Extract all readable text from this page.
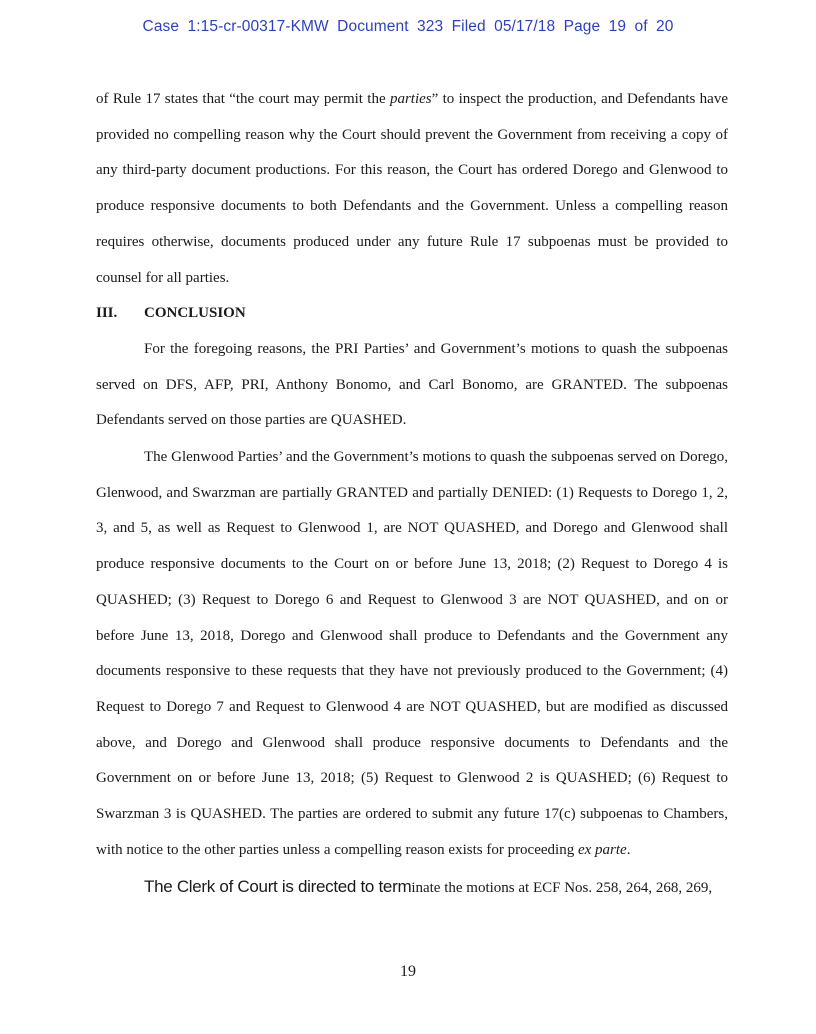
Case 1:15-cr-00317-KMW Document 323 Filed 05/17/18 Page 19 of 20

of Rule 17 states that “the court may permit the parties” to inspect the production, and Defendants have provided no compelling reason why the Court should prevent the Government from receiving a copy of any third-party document productions. For this reason, the Court has ordered Dorego and Glenwood to produce responsive documents to both Defendants and the Government. Unless a compelling reason requires otherwise, documents produced under any future Rule 17 subpoenas must be provided to counsel for all parties.

III. CONCLUSION

For the foregoing reasons, the PRI Parties’ and Government’s motions to quash the subpoenas served on DFS, AFP, PRI, Anthony Bonomo, and Carl Bonomo, are GRANTED. The subpoenas Defendants served on those parties are QUASHED.

The Glenwood Parties’ and the Government’s motions to quash the subpoenas served on Dorego, Glenwood, and Swarzman are partially GRANTED and partially DENIED: (1) Requests to Dorego 1, 2, 3, and 5, as well as Request to Glenwood 1, are NOT QUASHED, and Dorego and Glenwood shall produce responsive documents to the Court on or before June 13, 2018; (2) Request to Dorego 4 is QUASHED; (3) Request to Dorego 6 and Request to Glenwood 3 are NOT QUASHED, and on or before June 13, 2018, Dorego and Glenwood shall produce to Defendants and the Government any documents responsive to these requests that they have not previously produced to the Government; (4) Request to Dorego 7 and Request to Glenwood 4 are NOT QUASHED, but are modified as discussed above, and Dorego and Glenwood shall produce responsive documents to Defendants and the Government on or before June 13, 2018; (5) Request to Glenwood 2 is QUASHED; (6) Request to Swarzman 3 is QUASHED. The parties are ordered to submit any future 17(c) subpoenas to Chambers, with notice to the other parties unless a compelling reason exists for proceeding ex parte.

The Clerk of Court is directed to terminate the motions at ECF Nos. 258, 264, 268, 269,

19
